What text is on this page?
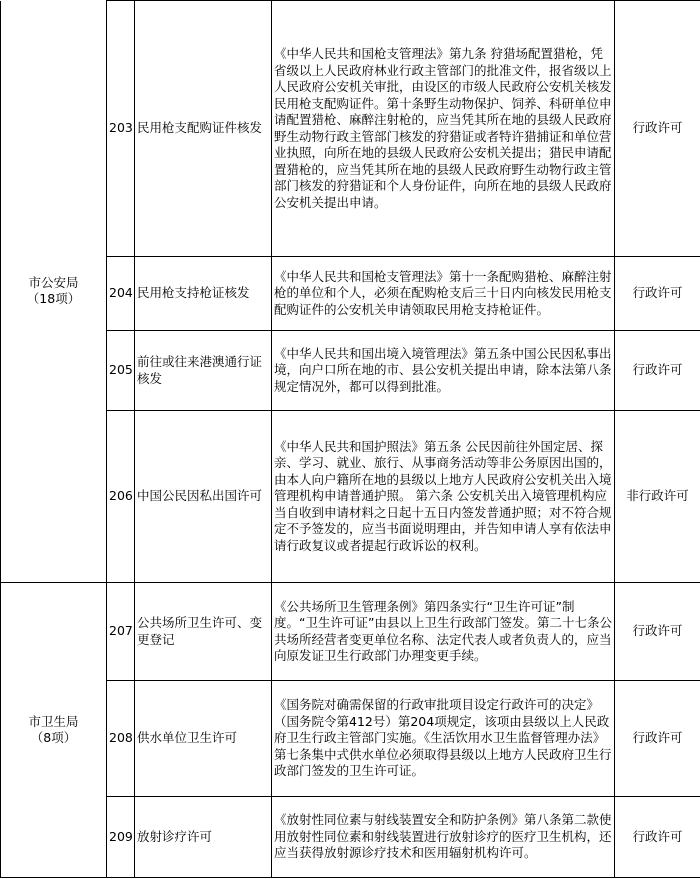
市公安局
（18项）	203	民用枪支配购证件核发	《中华人民共和国枪支管理法》第九条 狩猎场配置猎枪，凭省级以上人民政府林业行政主管部门的批准文件，报省级以上人民政府公安机关审批，由设区的市级人民政府公安机关核发民用枪支配购证件。第十条野生动物保护、饲养、科研单位申请配置猎枪、麻醉注射枪的，应当凭其所在地的县级人民政府野生动物行政主管部门核发的狩猎证或者特许猎捕证和单位营业执照，向所在地的县级人民政府公安机关提出；猎民申请配置猎枪的，应当凭其所在地的县级人民政府野生动物行政主管部门核发的狩猎证和个人身份证件，向所在地的县级人民政府公安机关提出申请。	行政许可
	204	民用枪支持枪证核发	《中华人民共和国枪支管理法》第十一条配购猎枪、麻醉注射枪的单位和个人，必须在配购枪支后三十日内向核发民用枪支配购证件的公安机关申请领取民用枪支持枪证件。	行政许可
	205	前往或往来港澳通行证核发	《中华人民共和国出境入境管理法》第五条中国公民因私事出境，向户口所在地的市、县公安机关提出申请，除本法第八条规定情况外，都可以得到批准。	行政许可
	206	中国公民因私出国许可	《中华人民共和国护照法》第五条 公民因前往外国定居、探亲、学习、就业、旅行、从事商务活动等非公务原因出国的，由本人向户籍所在地的县级以上地方人民政府公安机关出入境管理机构申请普通护照。 第六条 公安机关出入境管理机构应当自收到申请材料之日起十五日内签发普通护照；对不符合规定不予签发的，应当书面说明理由，并告知申请人享有依法申请行政复议或者提起行政诉讼的权利。	非行政许可

市卫生局
（8项）	207	公共场所卫生许可、变更登记	《公共场所卫生管理条例》第四条实行“卫生许可证”制度。“卫生许可证”由县以上卫生行政部门签发。第二十七条公共场所经营者变更单位名称、法定代表人或者负责人的，应当向原发证卫生行政部门办理变更手续。	行政许可
	208	供水单位卫生许可	《国务院对确需保留的行政审批项目设定行政许可的决定》（国务院令第412号）第204项规定，该项由县级以上人民政府卫生行政主管部门实施。《生活饮用水卫生监督管理办法》第七条集中式供水单位必须取得县级以上地方人民政府卫生行政部门签发的卫生许可证。	行政许可
	209	放射诊疗许可	《放射性同位素与射线装置安全和防护条例》第八条第二款使用放射性同位素和射线装置进行放射诊疗的医疗卫生机构，还应当获得放射源诊疗技术和医用辐射机构许可。	行政许可
